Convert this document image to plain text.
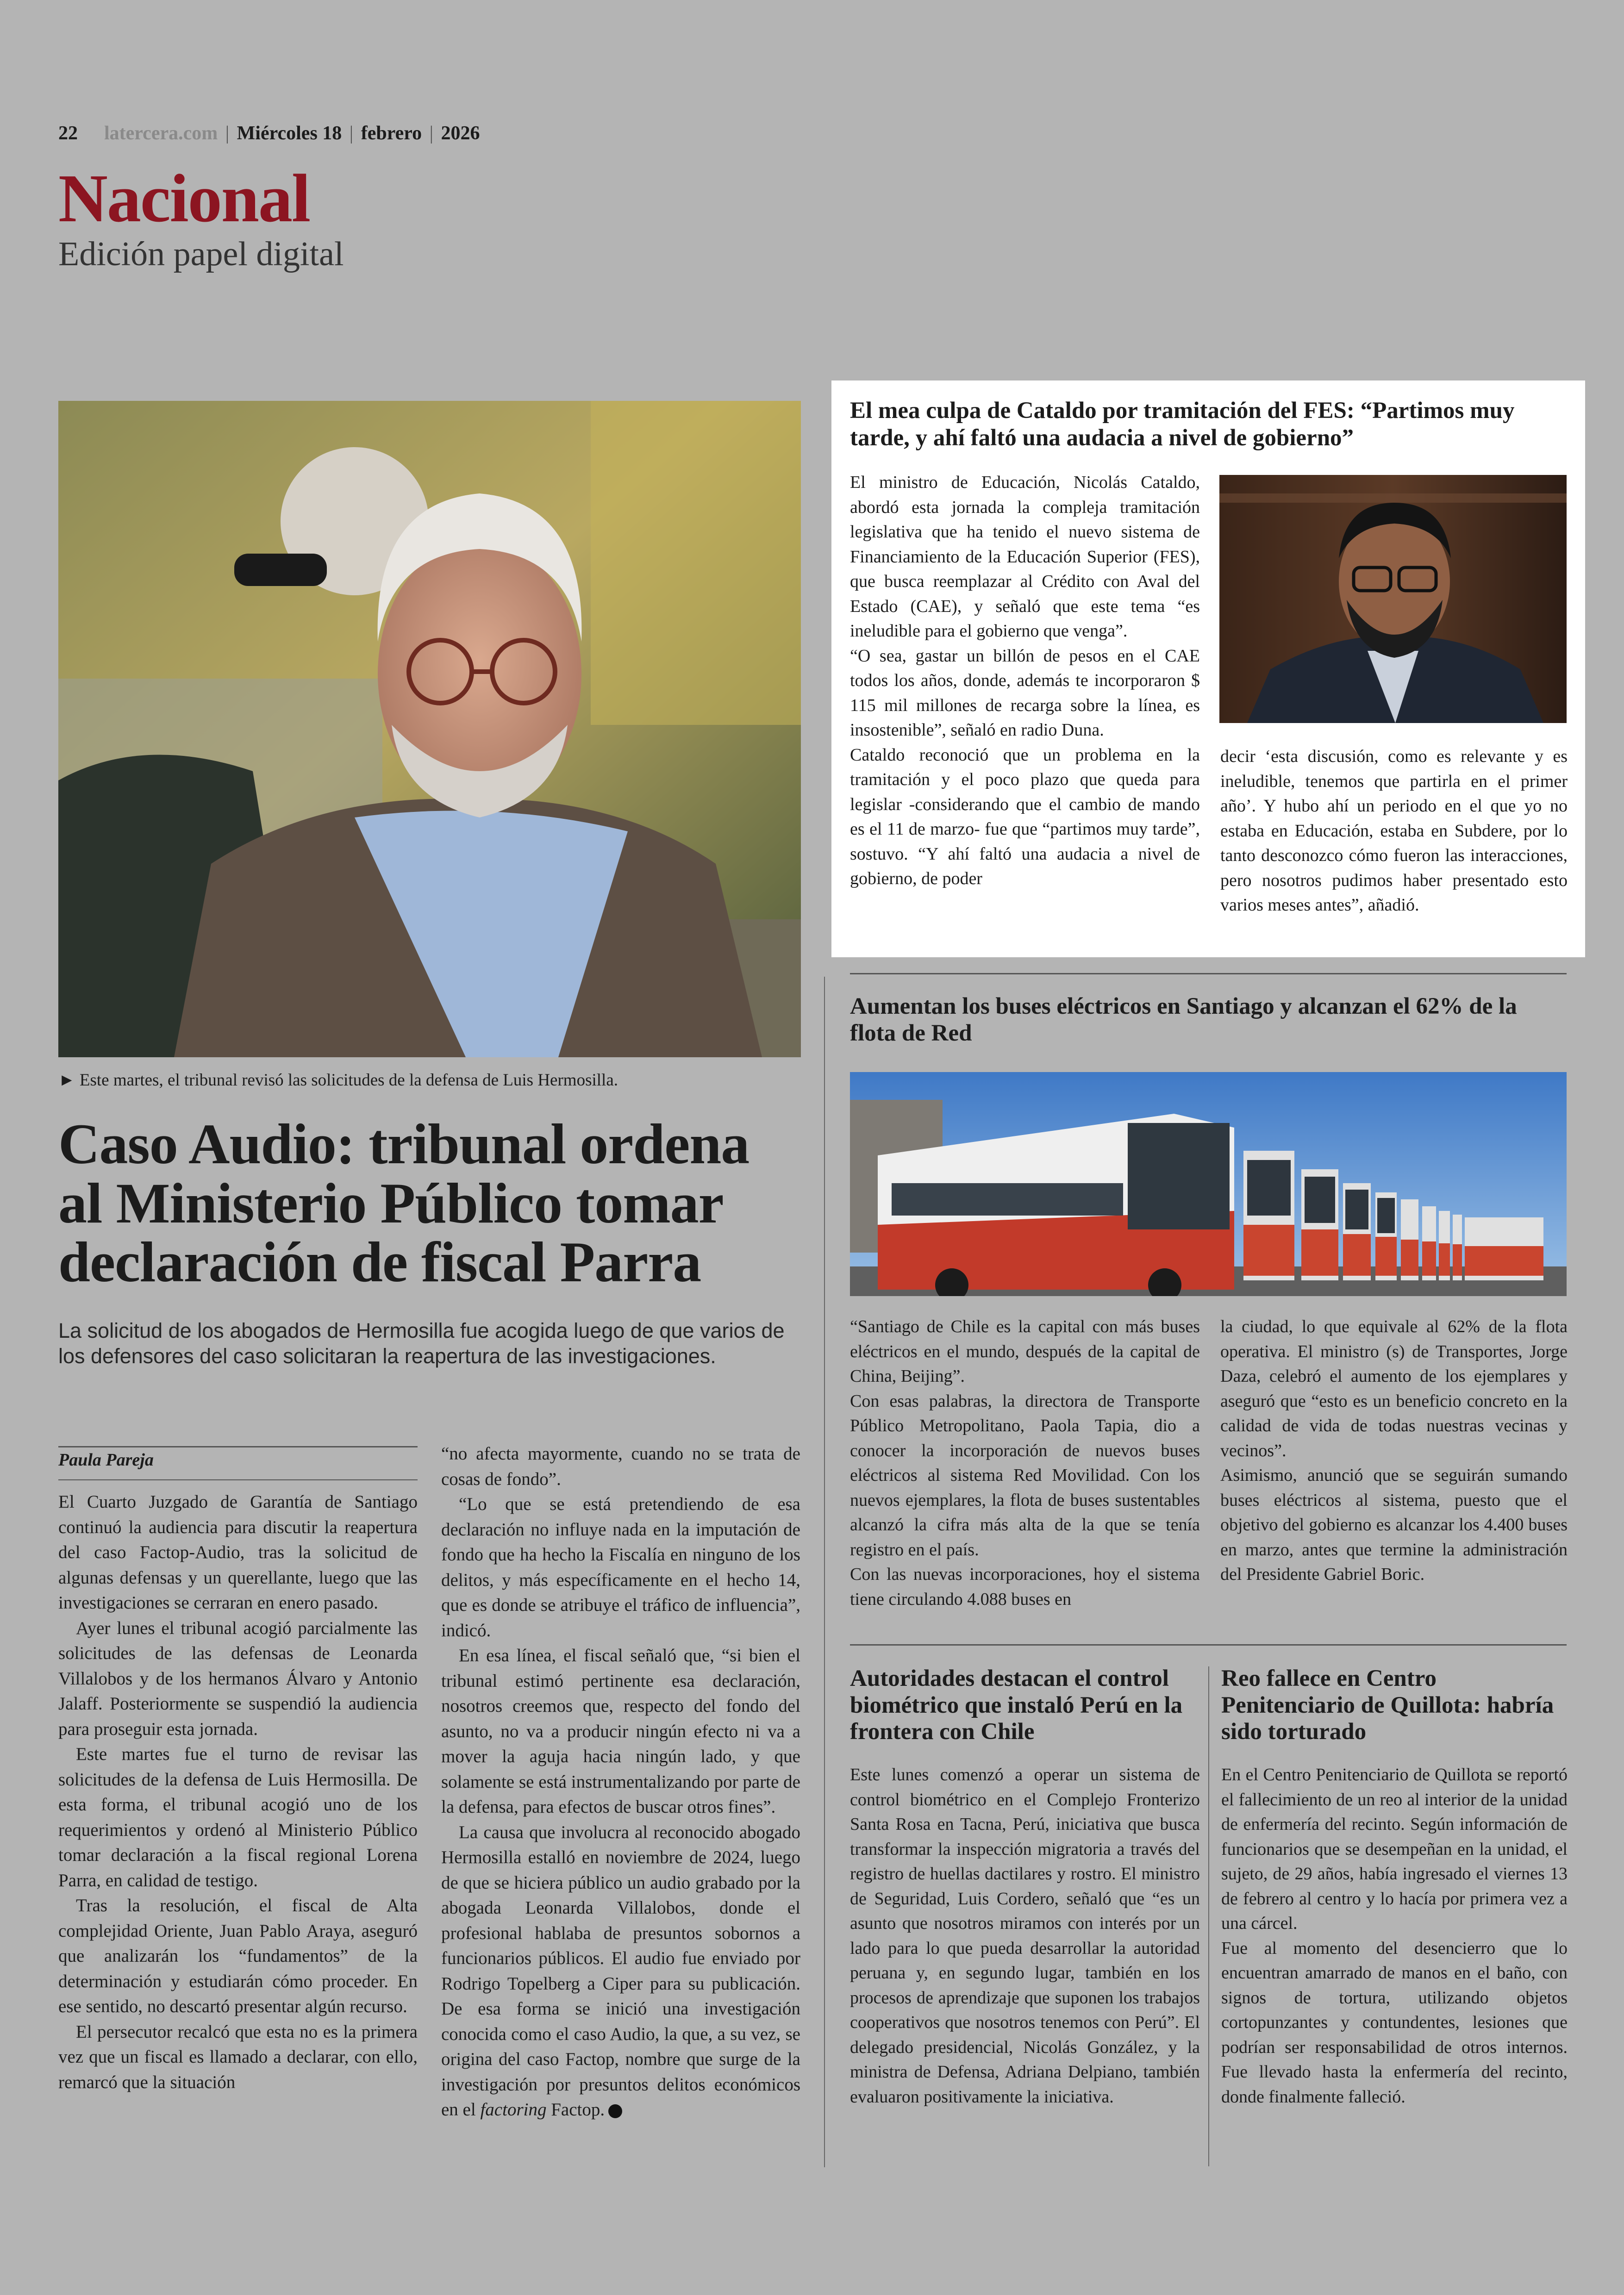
22 latercera.com | Miércoles 18 | febrero | 2026
Nacional
Edición papel digital
► Este martes, el tribunal revisó las solicitudes de la defensa de Luis Hermosilla.
Caso Audio: tribunal ordena al Ministerio Público tomar declaración de fiscal Parra
La solicitud de los abogados de Hermosilla fue acogida luego de que varios de los defensores del caso solicitaran la reapertura de las investigaciones.
Paula Pareja

El Cuarto Juzgado de Garantía de Santiago continuó la audiencia para discutir la reapertura del caso Factop-Audio, tras la solicitud de algunas defensas y un querellante, luego que las investigaciones se cerraran en enero pasado.

Ayer lunes el tribunal acogió parcialmente las solicitudes de las defensas de Leonarda Villalobos y de los hermanos Álvaro y Antonio Jalaff. Posteriormente se suspendió la audiencia para proseguir esta jornada.

Este martes fue el turno de revisar las solicitudes de la defensa de Luis Hermosilla. De esta forma, el tribunal acogió uno de los requerimientos y ordenó al Ministerio Público tomar declaración a la fiscal regional Lorena Parra, en calidad de testigo.

Tras la resolución, el fiscal de Alta complejidad Oriente, Juan Pablo Araya, aseguró que analizarán los “fundamentos” de la determinación y estudiarán cómo proceder. En ese sentido, no descartó presentar algún recurso.

El persecutor recalcó que esta no es la primera vez que un fiscal es llamado a declarar, con ello, remarcó que la situación

“no afecta mayormente, cuando no se trata de cosas de fondo”.

“Lo que se está pretendiendo de esa declaración no influye nada en la imputación de fondo que ha hecho la Fiscalía en ninguno de los delitos, y más específicamente en el hecho 14, que es donde se atribuye el tráfico de influencia”, indicó.

En esa línea, el fiscal señaló que, “si bien el tribunal estimó pertinente esa declaración, nosotros creemos que, respecto del fondo del asunto, no va a producir ningún efecto ni va a mover la aguja hacia ningún lado, y que solamente se está instrumentalizando por parte de la defensa, para efectos de buscar otros fines”.

La causa que involucra al reconocido abogado Hermosilla estalló en noviembre de 2024, luego de que se hiciera público un audio grabado por la abogada Leonarda Villalobos, donde el profesional hablaba de presuntos sobornos a funcionarios públicos. El audio fue enviado por Rodrigo Topelberg a Ciper para su publicación. De esa forma se inició una investigación conocida como el caso Audio, la que, a su vez, se origina del caso Factop, nombre que surge de la investigación por presuntos delitos económicos en el factoring Factop.

El mea culpa de Cataldo por tramitación del FES: “Partimos muy tarde, y ahí faltó una audacia a nivel de gobierno”

El ministro de Educación, Nicolás Cataldo, abordó esta jornada la compleja tramitación legislativa que ha tenido el nuevo sistema de Financiamiento de la Educación Superior (FES), que busca reemplazar al Crédito con Aval del Estado (CAE), y señaló que este tema “es ineludible para el gobierno que venga”.

“O sea, gastar un billón de pesos en el CAE todos los años, donde, además te incorporaron $ 115 mil millones de recarga sobre la línea, es insostenible”, señaló en radio Duna.

Cataldo reconoció que un problema en la tramitación y el poco plazo que queda para legislar -considerando que el cambio de mando es el 11 de marzo- fue que “partimos muy tarde”, sostuvo. “Y ahí faltó una audacia a nivel de gobierno, de poder

decir ‘esta discusión, como es relevante y es ineludible, tenemos que partirla en el primer año’. Y hubo ahí un periodo en el que yo no estaba en Educación, estaba en Subdere, por lo tanto desconozco cómo fueron las interacciones, pero nosotros pudimos haber presentado esto varios meses antes”, añadió.

Aumentan los buses eléctricos en Santiago y alcanzan el 62% de la flota de Red

“Santiago de Chile es la capital con más buses eléctricos en el mundo, después de la capital de China, Beijing”.

Con esas palabras, la directora de Transporte Público Metropolitano, Paola Tapia, dio a conocer la incorporación de nuevos buses eléctricos al sistema Red Movilidad. Con los nuevos ejemplares, la flota de buses sustentables alcanzó la cifra más alta de la que se tenía registro en el país.

Con las nuevas incorporaciones, hoy el sistema tiene circulando 4.088 buses en

la ciudad, lo que equivale al 62% de la flota operativa. El ministro (s) de Transportes, Jorge Daza, celebró el aumento de los ejemplares y aseguró que “esto es un beneficio concreto en la calidad de vida de todas nuestras vecinas y vecinos”.

Asimismo, anunció que se seguirán sumando buses eléctricos al sistema, puesto que el objetivo del gobierno es alcanzar los 4.400 buses en marzo, antes que termine la administración del Presidente Gabriel Boric.

Autoridades destacan el control biométrico que instaló Perú en la frontera con Chile

Este lunes comenzó a operar un sistema de control biométrico en el Complejo Fronterizo Santa Rosa en Tacna, Perú, iniciativa que busca transformar la inspección migratoria a través del registro de huellas dactilares y rostro. El ministro de Seguridad, Luis Cordero, señaló que “es un asunto que nosotros miramos con interés por un lado para lo que pueda desarrollar la autoridad peruana y, en segundo lugar, también en los procesos de aprendizaje que suponen los trabajos cooperativos que nosotros tenemos con Perú”. El delegado presidencial, Nicolás González, y la ministra de Defensa, Adriana Delpiano, también evaluaron positivamente la iniciativa.

Reo fallece en Centro Penitenciario de Quillota: habría sido torturado

En el Centro Penitenciario de Quillota se reportó el fallecimiento de un reo al interior de la unidad de enfermería del recinto. Según información de funcionarios que se desempeñan en la unidad, el sujeto, de 29 años, había ingresado el viernes 13 de febrero al centro y lo hacía por primera vez a una cárcel.

Fue al momento del desencierro que lo encuentran amarrado de manos en el baño, con signos de tortura, utilizando objetos cortopunzantes y contundentes, lesiones que podrían ser responsabilidad de otros internos. Fue llevado hasta la enfermería del recinto, donde finalmente falleció.
